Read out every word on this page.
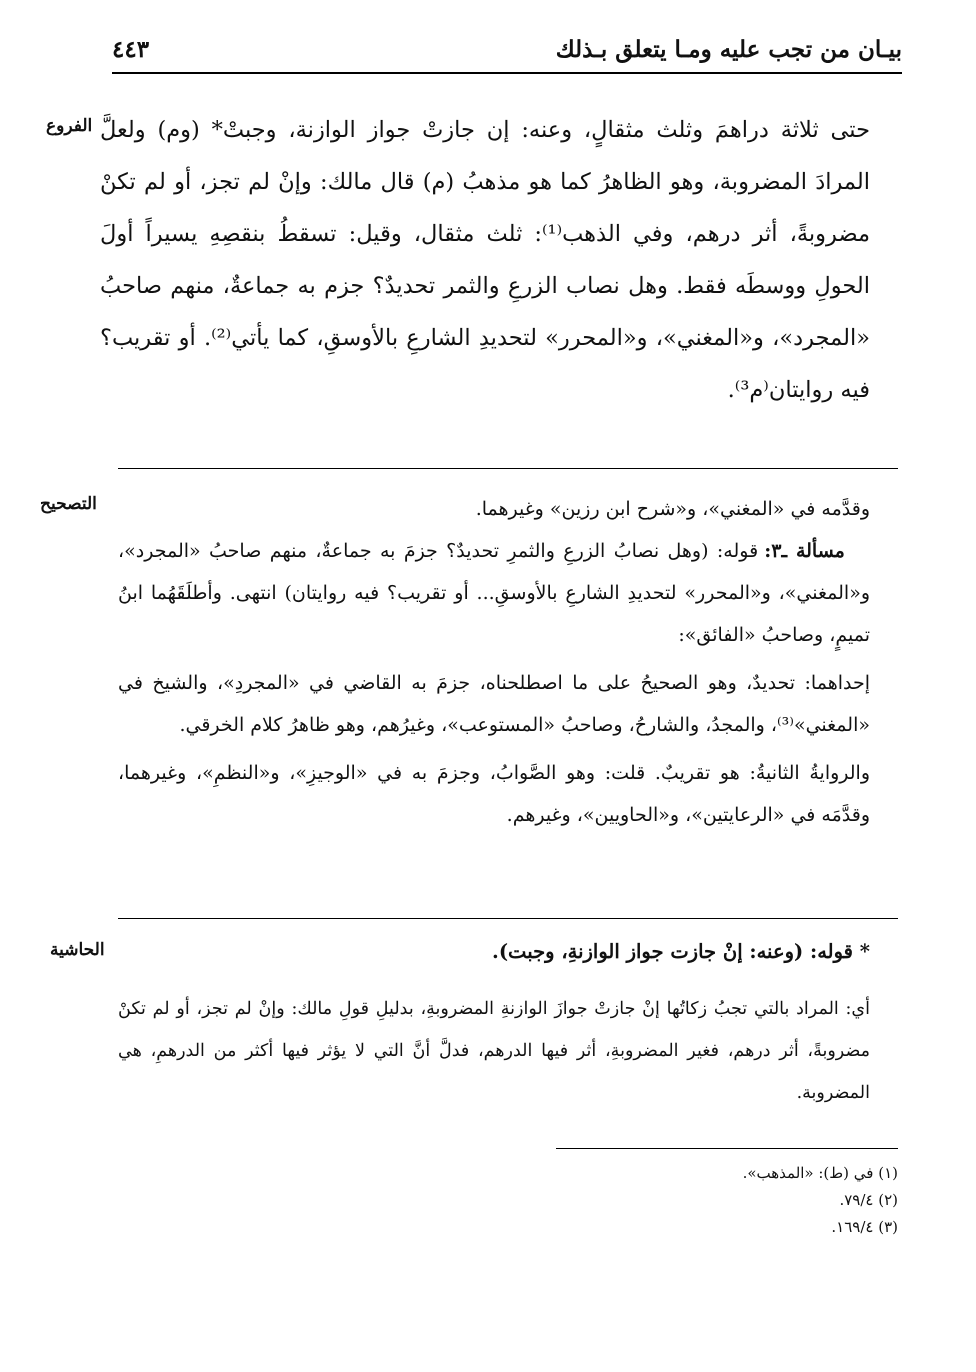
بيـان من تجب عليه ومـا يتعلق بـذلك
٤٤٣
الفروع حتى ثلاثة دراهمَ وثلث مثقالٍ، وعنه: إن جازتْ جواز الوازنة، وجبتْ* (وم) ولعلَّ المرادَ المضروبة، وهو الظاهرُ كما هو مذهبُ (م) قال مالك: وإنْ لم تجز، أو لم تكنْ مضروبةً، أثر درهم، وفي الذهب⁽¹⁾: ثلث مثقال، وقيل: تسقطُ بنقصِهِ يسيراً أولَ الحولِ ووسطَه فقط. وهل نصاب الزرعِ والثمر تحديدٌ؟ جزم به جماعةٌ، منهم صاحبُ «المجرد»، و«المغني»، و«المحرر» لتحديدِ الشارعِ بالأوسقِ، كما يأتي⁽²⁾. أو تقريب؟ فيه روايتان⁽م³⁾.

التصحيح	وقدَّمه في «المغني»، و«شرح ابن رزين» وغيرهما.

مسألة ـ٣: قوله: (وهل نصابُ الزرعِ والثمرِ تحديدٌ؟ جزمَ به جماعةٌ، منهم صاحبُ «المجرد»، و«المغني»، و«المحرر» لتحديدِ الشارعِ بالأوسقِ... أو تقريب؟ فيه روايتان) انتهى. وأطلَقَهُما ابنُ تميمٍ، وصاحبُ «الفائق»:

إحداهما: تحديدٌ، وهو الصحيحُ على ما اصطلحناه، جزمَ به القاضي في «المجردِ»، والشيخ في «المغني»⁽³⁾، والمجدُ، والشارحُ، وصاحبُ «المستوعب»، وغيرُهم، وهو ظاهرُ كلام الخرقي.

والروايةُ الثانيةُ: هو تقريبٌ. قلت: وهو الصَّوابُ، وجزمَ به في «الوجيزِ»، و«النظمِ»، وغيرهما، وقدَّمَه في «الرعايتين»، و«الحاويين»، وغيرهم.

الحاشية	* قوله: (وعنه: إنْ جازت جواز الوازنةِ، وجبت).
أي: المراد بالتي تجبُ زكاتُها إنْ جازتْ جوازَ الوازنةِ المضروبةِ، بدليلِ قولِ مالك: وإنْ لم تجز، أو لم تكنْ مضروبةً، أثر درهم، فغير المضروبةِ، أثر فيها الدرهم، فدلَّ أنَّ التي لا يؤثر فيها أكثر من الدرهمِ، هي المضروبة.
(١) في (ط): «المذهب».
(٢) ٧٩/٤.
(٣) ١٦٩/٤.
